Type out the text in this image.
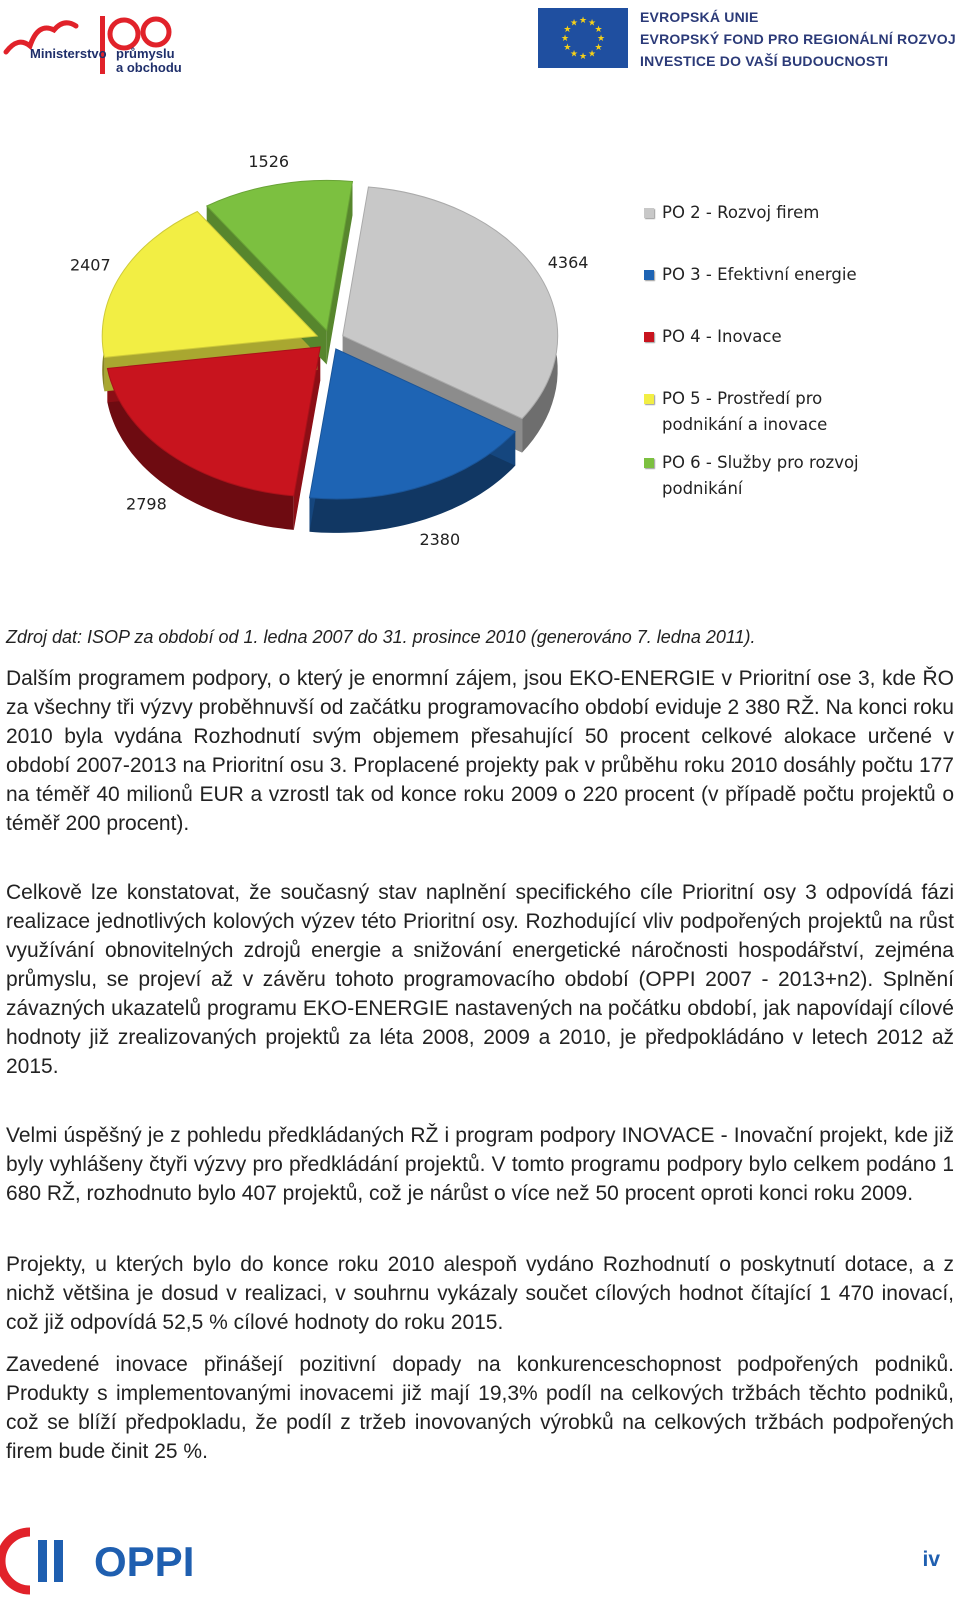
Ministerstvo průmyslu
a obchodu
★
★
★
★
★
★
★
★
★ ★ ★
★
EVROPSKÁ UNIE
EVROPSKÝ FOND PRO REGIONÁLNÍ ROZVOJ
INVESTICE DO VAŠÍ BUDOUCNOSTI
4364
2380
2798
2407
1526
PO 2 - Rozvoj firem
PO 3 - Efektivní energie
PO 4 - Inovace
PO 5 - Prostředí pro podnikání a inovace
PO 6 - Služby pro rozvoj podnikání
Zdroj dat: ISOP za období od 1. ledna 2007 do 31. prosince 2010 (generováno 7. ledna 2011).

Dalším programem podpory, o který je enormní zájem, jsou EKO-ENERGIE v Prioritní ose 3, kde ŘO za všechny tři výzvy proběhnuvší od začátku programovacího období eviduje 2 380 RŽ. Na konci roku 2010 byla vydána Rozhodnutí svým objemem přesahující 50 procent celkové alokace určené v období 2007-2013 na Prioritní osu 3. Proplacené projekty pak v průběhu roku 2010 dosáhly počtu 177 na téměř 40 milionů EUR a vzrostl tak od konce roku 2009 o 220 procent (v případě počtu projektů o téměř 200 procent).

Celkově lze konstatovat, že současný stav naplnění specifického cíle Prioritní osy 3 odpovídá fázi realizace jednotlivých kolových výzev této Prioritní osy. Rozhodující vliv podpořených projektů na růst využívání obnovitelných zdrojů energie a snižování energetické náročnosti hospodářství, zejména průmyslu, se projeví až v závěru tohoto programovacího období (OPPI 2007 - 2013+n2). Splnění závazných ukazatelů programu EKO-ENERGIE nastavených na počátku období, jak napovídají cílové hodnoty již zrealizovaných projektů za léta 2008, 2009 a 2010, je předpokládáno v letech 2012 až 2015.

Velmi úspěšný je z pohledu předkládaných RŽ i program podpory INOVACE - Inovační projekt, kde již byly vyhlášeny čtyři výzvy pro předkládání projektů. V tomto programu podpory bylo celkem podáno 1 680 RŽ, rozhodnuto bylo 407 projektů, což je nárůst o více než 50 procent oproti konci roku 2009.

Projekty, u kterých bylo do konce roku 2010 alespoň vydáno Rozhodnutí o poskytnutí dotace, a z nichž většina je dosud v realizaci, v souhrnu vykázaly součet cílových hodnot čítající 1 470 inovací, což již odpovídá 52,5 % cílové hodnoty do roku 2015.

Zavedené inovace přinášejí pozitivní dopady na konkurenceschopnost podpořených podniků. Produkty s implementovanými inovacemi již mají 19,3% podíl na celkových tržbách těchto podniků, což se blíží předpokladu, že podíl z tržeb inovovaných výrobků na celkových tržbách podpořených firem bude činit 25 %.

OPPI	iv
